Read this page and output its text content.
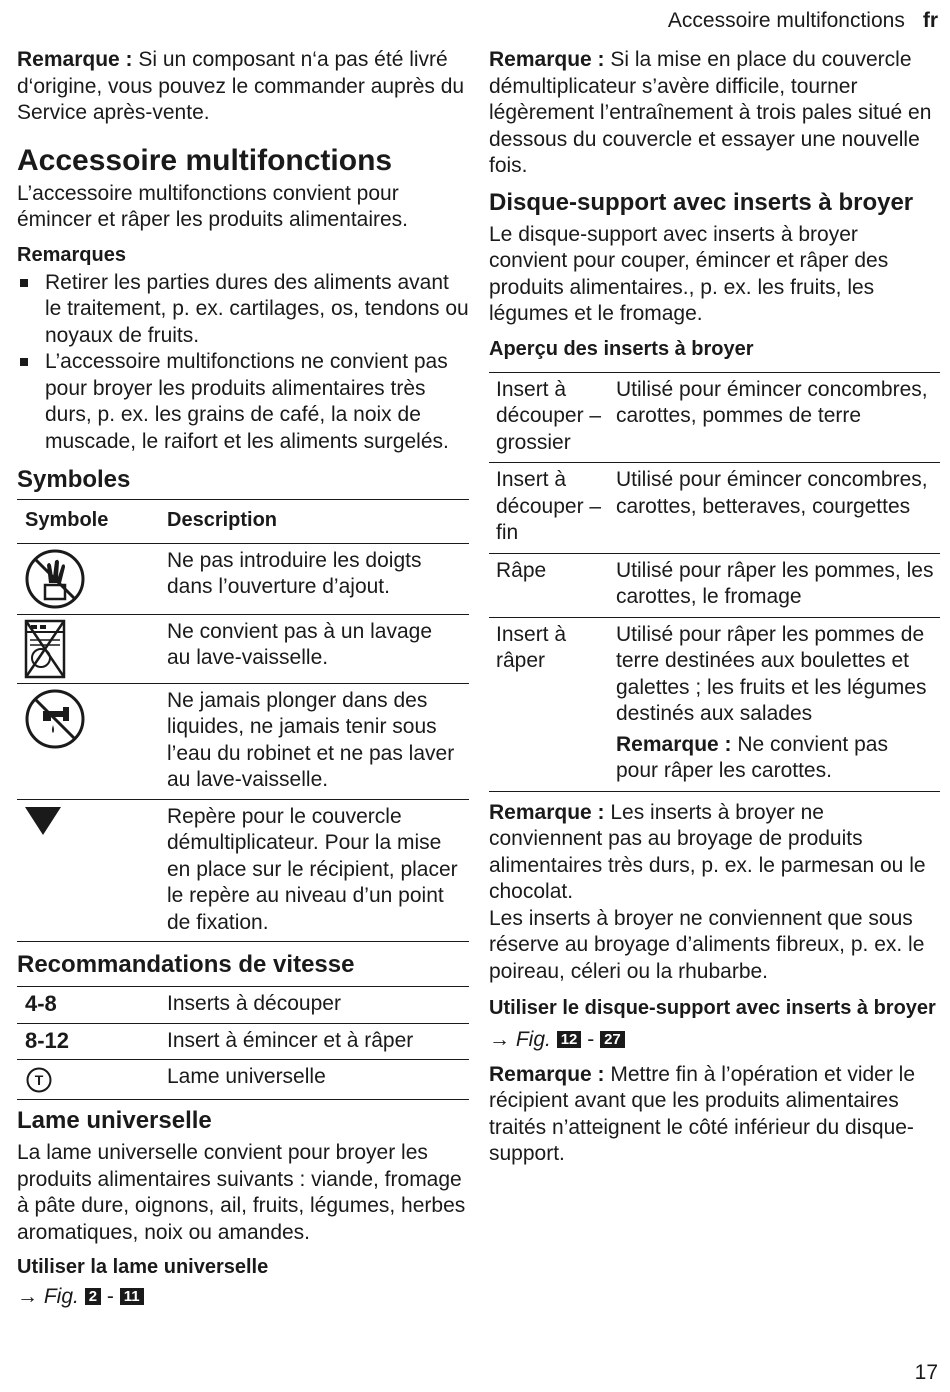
Accessoire multifonctions fr

Remarque : Si un composant n‘a pas été livré d‘origine, vous pouvez le commander auprès du Service après-vente.

Accessoire multifonctions

L’accessoire multifonctions convient pour émincer et râper les produits alimentaires.

Remarques
Retirer les parties dures des aliments avant le traitement, p. ex. cartilages, os, tendons ou noyaux de fruits.
L’accessoire multifonctions ne convient pas pour broyer les produits alimentaires très durs, p. ex. les grains de café, la noix de muscade, le raifort et les aliments surgelés.
Symboles
Symbole	Description

	Ne pas introduire les doigts dans l’ouverture d’ajout.

	Ne convient pas à un lavage au lave-vaisselle.

	Ne jamais plonger dans des liquides, ne jamais tenir sous l’eau du robinet et ne pas laver au lave-vaisselle.

	Repère pour le couvercle démultiplicateur. Pour la mise en place sur le récipient, placer le repère au niveau d’un point de fixation.
Recommandations de vitesse
4-8	Inserts à découper
8-12	Insert à émincer et à râper

T	Lame universelle
Lame universelle

La lame universelle convient pour broyer les produits alimentaires suivants : viande, fromage à pâte dure, oignons, ail, fruits, légumes, herbes aromatiques, noix ou amandes.

Utiliser la lame universelle

→ Fig. 2 - 11

Remarque : Si la mise en place du couvercle démultiplicateur s’avère difficile, tourner légèrement l’entraînement à trois pales situé en dessous du couvercle et essayer une nouvelle fois.

Disque-support avec inserts à broyer

Le disque-support avec inserts à broyer convient pour couper, émincer et râper des produits alimentaires., p. ex. les fruits, les légumes et le fromage.

Aperçu des inserts à broyer
Insert à découper – grossier	Utilisé pour émincer concombres, carottes, pommes de terre
Insert à découper – fin	Utilisé pour émincer concombres, carottes, betteraves, courgettes
Râpe	Utilisé pour râper les pommes, les carottes, le fromage
Insert à râper	Utilisé pour râper les pommes de terre destinées aux boulettes et galettes ; les fruits et les légumes destinés aux salades

Remarque : Ne convient pas pour râper les carottes.

Remarque : Les inserts à broyer ne conviennent pas au broyage de produits alimentaires très durs, p. ex. le parmesan ou le chocolat.

Les inserts à broyer ne conviennent que sous réserve au broyage d’aliments fibreux, p. ex. le poireau, céleri ou la rhubarbe.

Utiliser le disque-support avec inserts à broyer

→ Fig. 12 - 27

Remarque : Mettre fin à l’opération et vider le récipient avant que les produits alimentaires traités n’atteignent le côté inférieur du disque-support.

17
